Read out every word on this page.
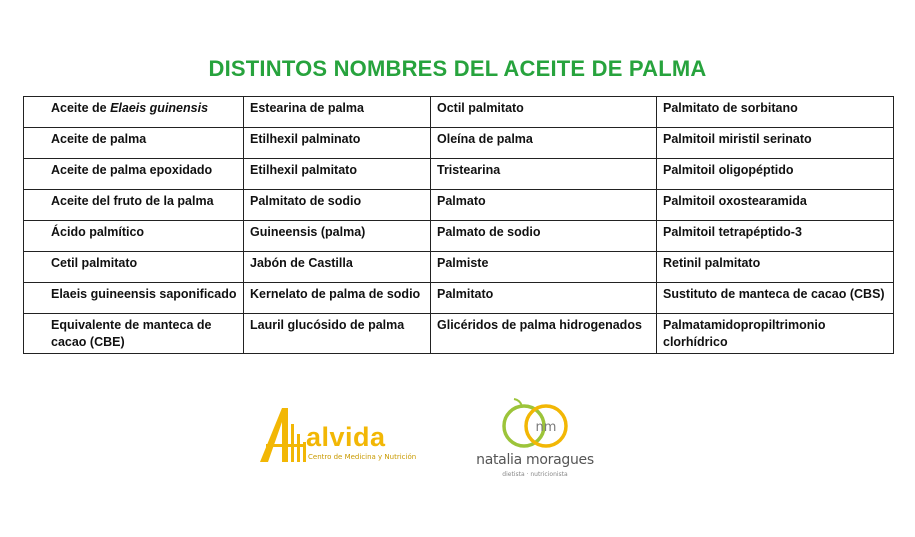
DISTINTOS NOMBRES DEL ACEITE DE PALMA
Aceite de Elaeis guinensis	Estearina de palma	Octil palmitato	Palmitato de sorbitano
Aceite de palma	Etilhexil palminato	Oleína de palma	Palmitoil miristil serinato
Aceite de palma epoxidado	Etilhexil palmitato	Tristearina	Palmitoil oligopéptido
Aceite del fruto de la palma	Palmitato de sodio	Palmato	Palmitoil oxostearamida
Ácido palmítico	Guineensis (palma)	Palmato de sodio	Palmitoil tetrapéptido-3
Cetil palmitato	Jabón de Castilla	Palmiste	Retinil palmitato
Elaeis guineensis saponificado	Kernelato de palma de sodio	Palmitato	Sustituto de manteca de cacao (CBS)
Equivalente de manteca de cacao (CBE)	Lauril glucósido de palma	Glicéridos de palma hidrogenados	Palmatamidopropiltrimonio clorhídrico
alvida
Centro de Medicina y Nutrición
nm
natalia moragues
dietista · nutricionista
